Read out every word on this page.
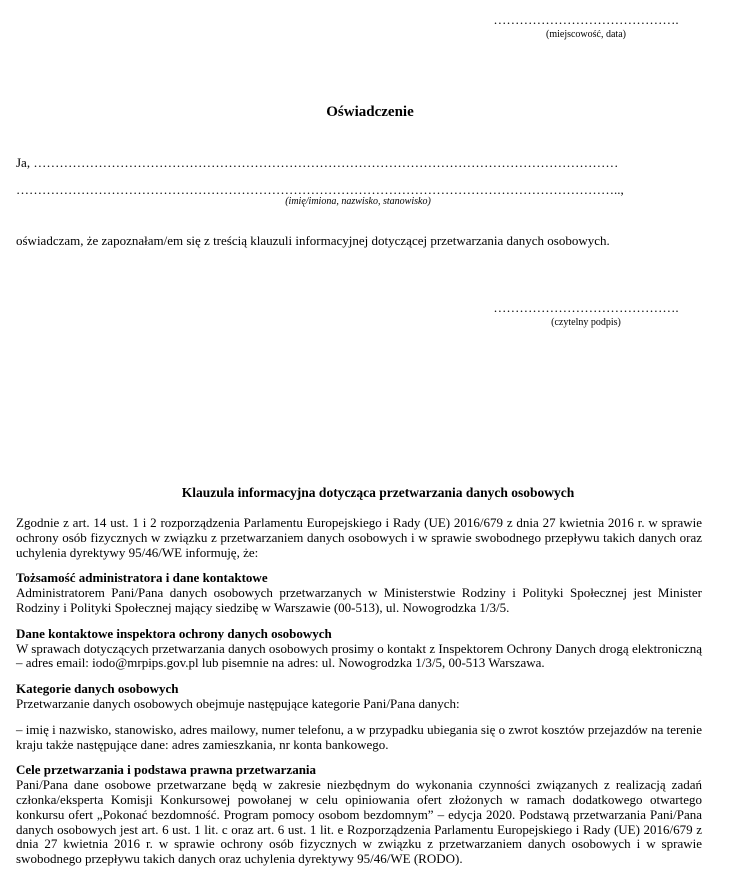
…………………………………….

(miejscowość, data)
Oświadczenie
Ja, ………………………………………………………………………………………………………………………
…………………………………………………………………………………………………………………………..,
(imię/imiona, nazwisko, stanowisko)
oświadczam, że zapoznałam/em się z treścią klauzuli informacyjnej dotyczącej przetwarzania danych osobowych.
…………………………………….

(czytelny podpis)
Klauzula informacyjna dotycząca przetwarzania danych osobowych

Zgodnie z art. 14 ust. 1 i 2 rozporządzenia Parlamentu Europejskiego i Rady (UE) 2016/679 z dnia 27 kwietnia 2016 r. w sprawie ochrony osób fizycznych w związku z przetwarzaniem danych osobowych i w sprawie swobodnego przepływu takich danych oraz uchylenia dyrektywy 95/46/WE informuję, że:

Tożsamość administratora i dane kontaktowe

Administratorem Pani/Pana danych osobowych przetwarzanych w Ministerstwie Rodziny i Polityki Społecznej jest Minister Rodziny i Polityki Społecznej mający siedzibę w Warszawie (00-513), ul. Nowogrodzka 1/3/5.

Dane kontaktowe inspektora ochrony danych osobowych

W sprawach dotyczących przetwarzania danych osobowych prosimy o kontakt z Inspektorem Ochrony Danych drogą elektroniczną – adres email: iodo@mrpips.gov.pl lub pisemnie na adres: ul. Nowogrodzka 1/3/5, 00-513 Warszawa.

Kategorie danych osobowych

Przetwarzanie danych osobowych obejmuje następujące kategorie Pani/Pana danych:

– imię i nazwisko, stanowisko, adres mailowy, numer telefonu, a w przypadku ubiegania się o zwrot kosztów przejazdów na terenie kraju także następujące dane: adres zamieszkania, nr konta bankowego.

Cele przetwarzania i podstawa prawna przetwarzania

Pani/Pana dane osobowe przetwarzane będą w zakresie niezbędnym do wykonania czynności związanych z realizacją zadań członka/eksperta Komisji Konkursowej powołanej w celu opiniowania ofert złożonych w ramach dodatkowego otwartego konkursu ofert „Pokonać bezdomność. Program pomocy osobom bezdomnym” – edycja 2020. Podstawą przetwarzania Pani/Pana danych osobowych jest art. 6 ust. 1 lit. c oraz art. 6 ust. 1 lit. e Rozporządzenia Parlamentu Europejskiego i Rady (UE) 2016/679 z dnia 27 kwietnia 2016 r. w sprawie ochrony osób fizycznych w związku z przetwarzaniem danych osobowych i w sprawie swobodnego przepływu takich danych oraz uchylenia dyrektywy 95/46/WE (RODO).
